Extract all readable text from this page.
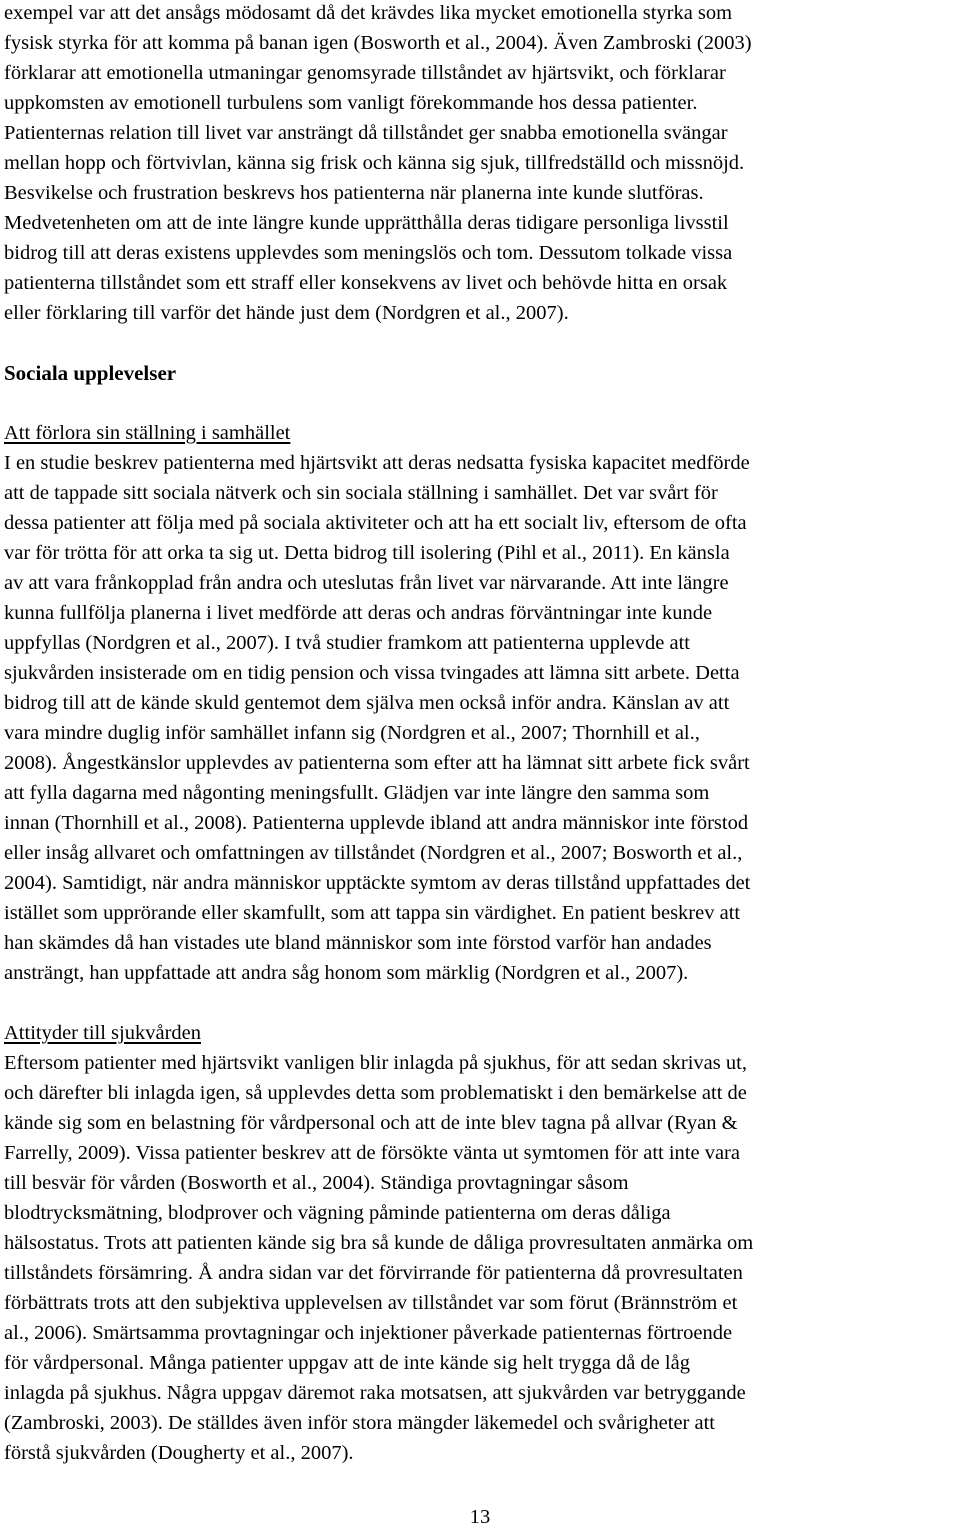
exempel var att det ansågs mödosamt då det krävdes lika mycket emotionella styrka som
fysisk styrka för att komma på banan igen (Bosworth et al., 2004). Även Zambroski (2003)
förklarar att emotionella utmaningar genomsyrade tillståndet av hjärtsvikt, och förklarar
uppkomsten av emotionell turbulens som vanligt förekommande hos dessa patienter.
Patienternas relation till livet var ansträngt då tillståndet ger snabba emotionella svängar
mellan hopp och förtvivlan, känna sig frisk och känna sig sjuk, tillfredställd och missnöjd.
Besvikelse och frustration beskrevs hos patienterna när planerna inte kunde slutföras.
Medvetenheten om att de inte längre kunde upprätthålla deras tidigare personliga livsstil
bidrog till att deras existens upplevdes som meningslös och tom. Dessutom tolkade vissa
patienterna tillståndet som ett straff eller konsekvens av livet och behövde hitta en orsak
eller förklaring till varför det hände just dem (Nordgren et al., 2007).

Sociala upplevelser

Att förlora sin ställning i samhället

I en studie beskrev patienterna med hjärtsvikt att deras nedsatta fysiska kapacitet medförde
att de tappade sitt sociala nätverk och sin sociala ställning i samhället. Det var svårt för
dessa patienter att följa med på sociala aktiviteter och att ha ett socialt liv, eftersom de ofta
var för trötta för att orka ta sig ut. Detta bidrog till isolering (Pihl et al., 2011). En känsla
av att vara frånkopplad från andra och uteslutas från livet var närvarande. Att inte längre
kunna fullfölja planerna i livet medförde att deras och andras förväntningar inte kunde
uppfyllas (Nordgren et al., 2007). I två studier framkom att patienterna upplevde att
sjukvården insisterade om en tidig pension och vissa tvingades att lämna sitt arbete. Detta
bidrog till att de kände skuld gentemot dem själva men också inför andra. Känslan av att
vara mindre duglig inför samhället infann sig (Nordgren et al., 2007; Thornhill et al.,
2008). Ångestkänslor upplevdes av patienterna som efter att ha lämnat sitt arbete fick svårt
att fylla dagarna med någonting meningsfullt. Glädjen var inte längre den samma som
innan (Thornhill et al., 2008). Patienterna upplevde ibland att andra människor inte förstod
eller insåg allvaret och omfattningen av tillståndet (Nordgren et al., 2007; Bosworth et al.,
2004). Samtidigt, när andra människor upptäckte symtom av deras tillstånd uppfattades det
istället som upprörande eller skamfullt, som att tappa sin värdighet. En patient beskrev att
han skämdes då han vistades ute bland människor som inte förstod varför han andades
ansträngt, han uppfattade att andra såg honom som märklig (Nordgren et al., 2007).

Attityder till sjukvården

Eftersom patienter med hjärtsvikt vanligen blir inlagda på sjukhus, för att sedan skrivas ut,
och därefter bli inlagda igen, så upplevdes detta som problematiskt i den bemärkelse att de
kände sig som en belastning för vårdpersonal och att de inte blev tagna på allvar (Ryan &
Farrelly, 2009). Vissa patienter beskrev att de försökte vänta ut symtomen för att inte vara
till besvär för vården (Bosworth et al., 2004). Ständiga provtagningar såsom
blodtrycksmätning, blodprover och vägning påminde patienterna om deras dåliga
hälsostatus. Trots att patienten kände sig bra så kunde de dåliga provresultaten anmärka om
tillståndets försämring. Å andra sidan var det förvirrande för patienterna då provresultaten
förbättrats trots att den subjektiva upplevelsen av tillståndet var som förut (Brännström et
al., 2006). Smärtsamma provtagningar och injektioner påverkade patienternas förtroende
för vårdpersonal. Många patienter uppgav att de inte kände sig helt trygga då de låg
inlagda på sjukhus. Några uppgav däremot raka motsatsen, att sjukvården var betryggande
(Zambroski, 2003). De ställdes även inför stora mängder läkemedel och svårigheter att
förstå sjukvården (Dougherty et al., 2007).

13
